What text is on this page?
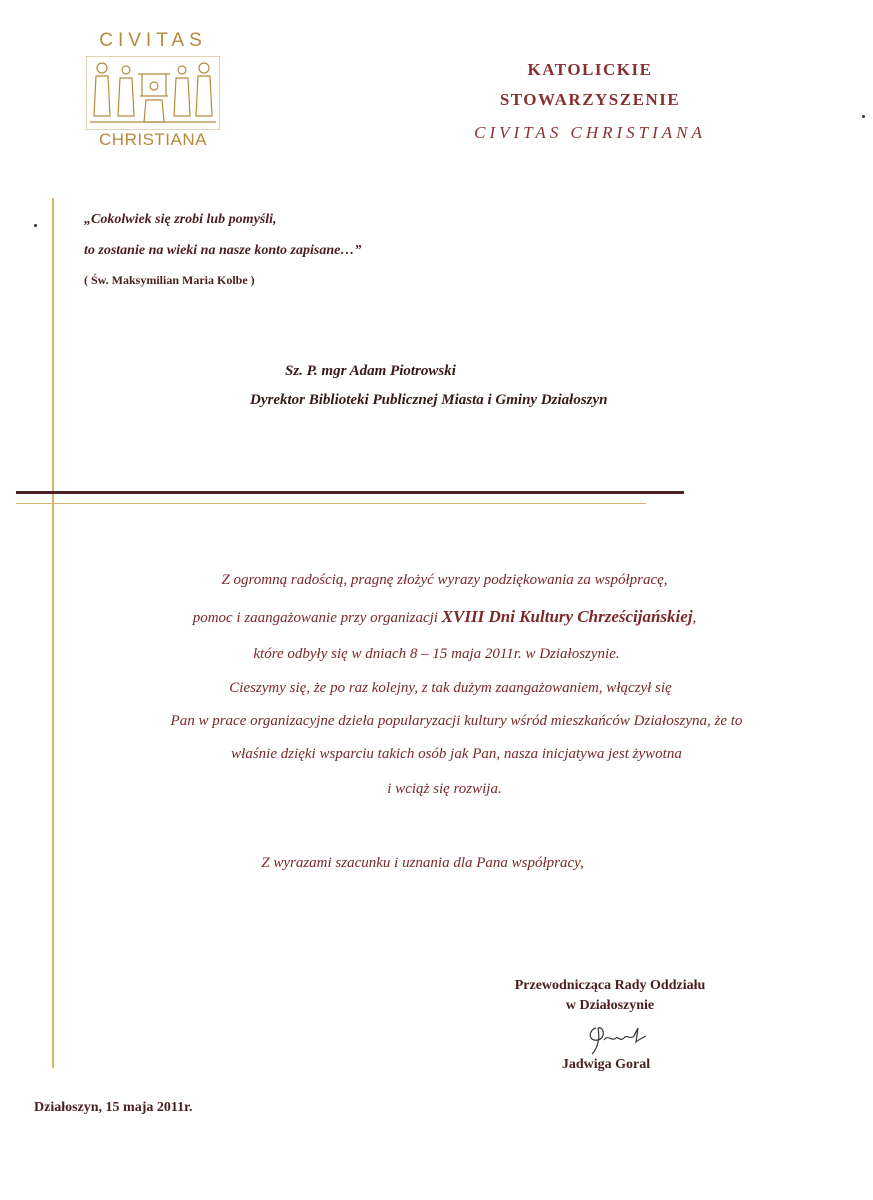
CIVITAS
CHRISTIANA
KATOLICKIE
STOWARZYSZENIE
CIVITAS CHRISTIANA
„Cokolwiek się zrobi lub pomyśli,
to zostanie na wieki na nasze konto zapisane…”
( Św. Maksymilian Maria Kolbe )
Sz. P. mgr Adam Piotrowski
Dyrektor Biblioteki Publicznej Miasta i Gminy Działoszyn
Z ogromną radością, pragnę złożyć wyrazy podziękowania za współpracę,
pomoc i zaangażowanie przy organizacji XVIII Dni Kultury Chrześcijańskiej,
które odbyły się w dniach 8 – 15 maja 2011r. w Działoszynie.
Cieszymy się, że po raz kolejny, z tak dużym zaangażowaniem, włączył się
Pan w prace organizacyjne dzieła popularyzacji kultury wśród mieszkańców Działoszyna, że to
właśnie dzięki wsparciu takich osób jak Pan, nasza inicjatywa jest żywotna
i wciąż się rozwija.
Z wyrazami szacunku i uznania dla Pana współpracy,
Przewodnicząca Rady Oddziału
w Działoszynie
Jadwiga Goral
Działoszyn, 15 maja 2011r.
